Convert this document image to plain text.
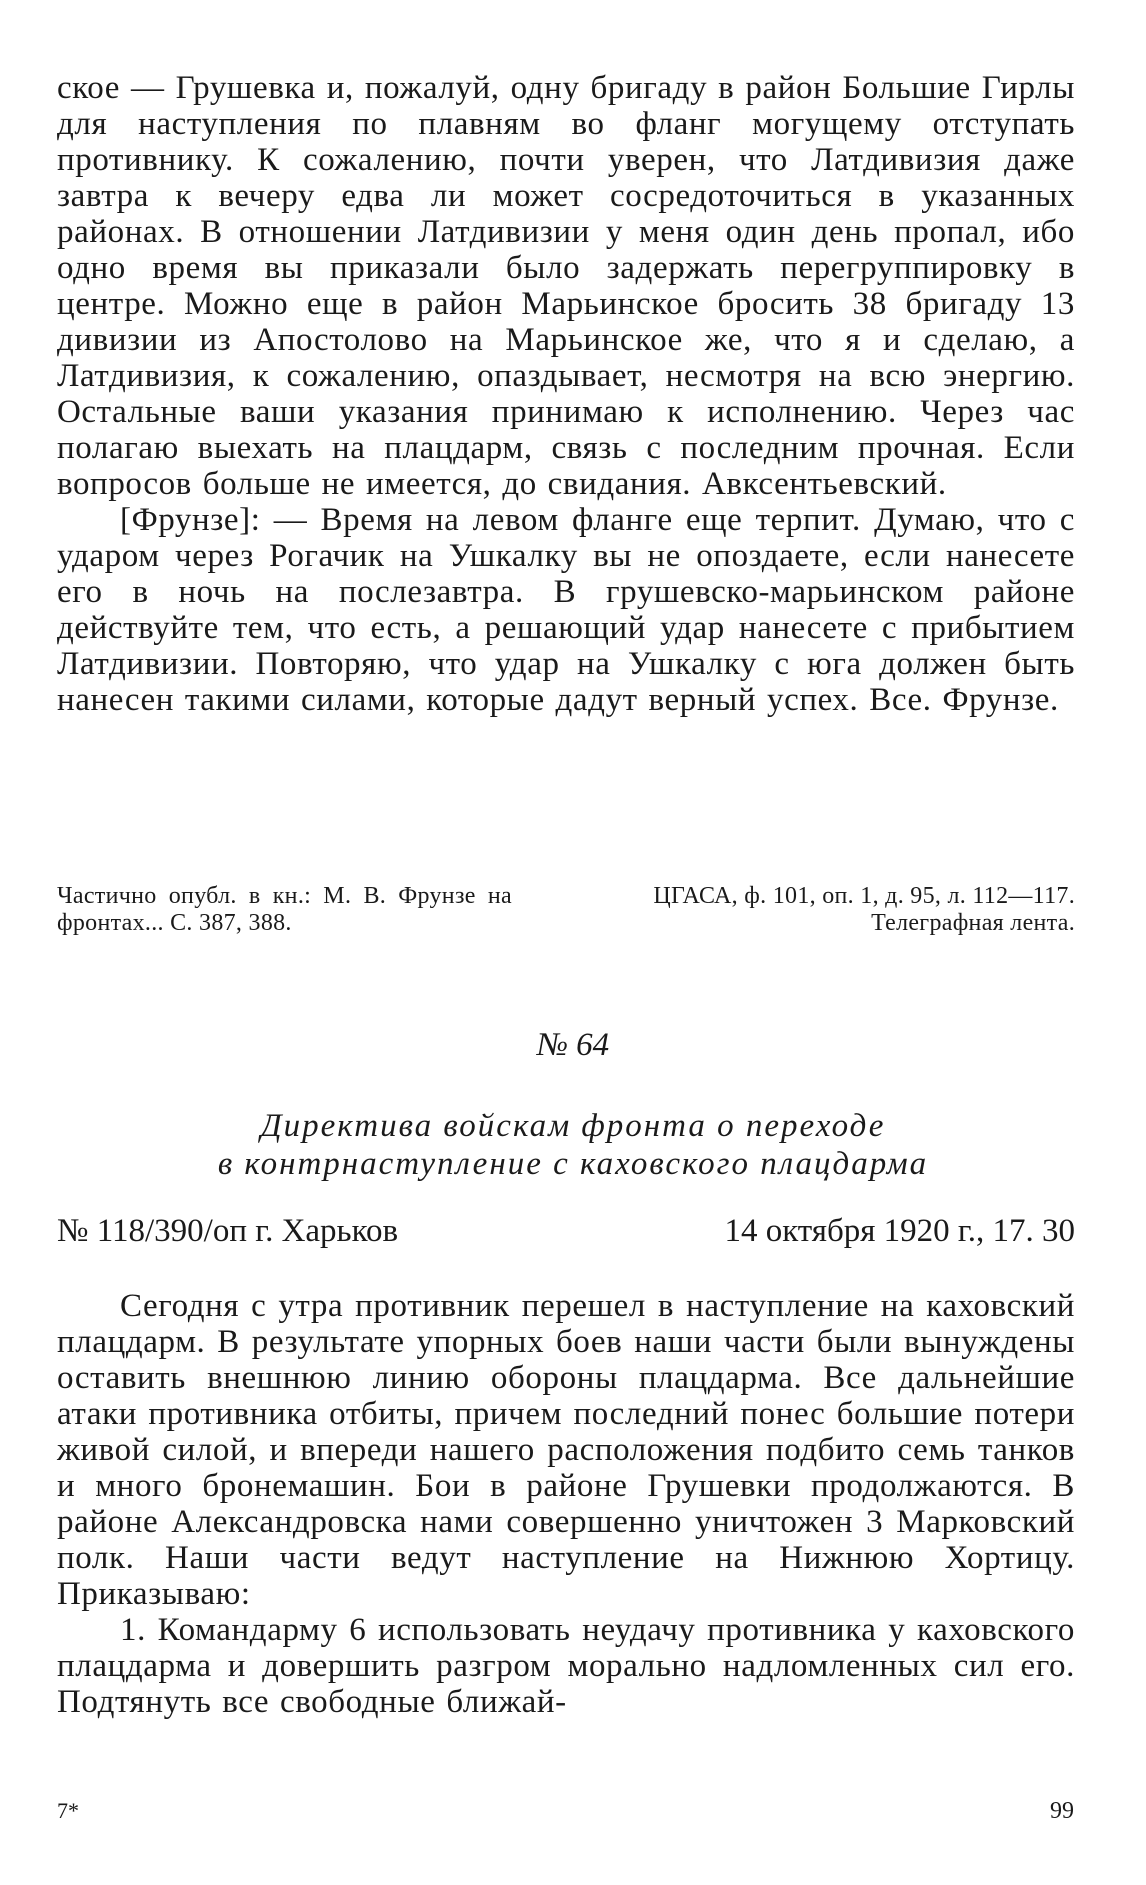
ское — Грушевка и, пожалуй, одну бригаду в район Большие Гирлы для наступления по плавням во фланг могущему отступать противнику. К сожалению, почти уверен, что Латдивизия даже завтра к вечеру едва ли может сосредоточиться в указанных районах. В отношении Латдивизии у меня один день пропал, ибо одно время вы приказали было задержать перегруппировку в центре. Можно еще в район Марьинское бросить 38 бригаду 13 дивизии из Апостолово на Марьинское же, что я и сделаю, а Латдивизия, к сожалению, опаздывает, несмотря на всю энергию. Остальные ваши указания принимаю к исполнению. Через час полагаю выехать на плацдарм, связь с последним прочная. Если вопросов больше не имеется, до свидания. Авксентьевский.

[Фрунзе]: — Время на левом фланге еще терпит. Думаю, что с ударом через Рогачик на Ушкалку вы не опоздаете, если нанесете его в ночь на послезавтра. В грушевско-марьинском районе действуйте тем, что есть, а решающий удар нанесете с прибытием Латдивизии. Повторяю, что удар на Ушкалку с юга должен быть нанесен такими силами, которые дадут верный успех. Все. Фрунзе.

Частично опубл. в кн.: М. В. Фрунзе на фронтах... С. 387, 388.
ЦГАСА, ф. 101, оп. 1, д. 95, л. 112—117. Телеграфная лента.
№ 64
Директива войскам фронта о переходе
в контрнаступление с каховского плацдарма
№ 118/390/оп г. Харьков	14 октября 1920 г., 17. 30

Сегодня с утра противник перешел в наступление на каховский плацдарм. В результате упорных боев наши части были вынуждены оставить внешнюю линию обороны плацдарма. Все дальнейшие атаки противника отбиты, причем последний понес большие потери живой силой, и впереди нашего расположения подбито семь танков и много бронемашин. Бои в районе Грушевки продолжаются. В районе Александровска нами совершенно уничтожен 3 Марковский полк. Наши части ведут наступление на Нижнюю Хортицу. Приказываю:

1. Командарму 6 использовать неудачу противника у каховского плацдарма и довершить разгром морально надломленных сил его. Подтянуть все свободные ближай-

7*	99
